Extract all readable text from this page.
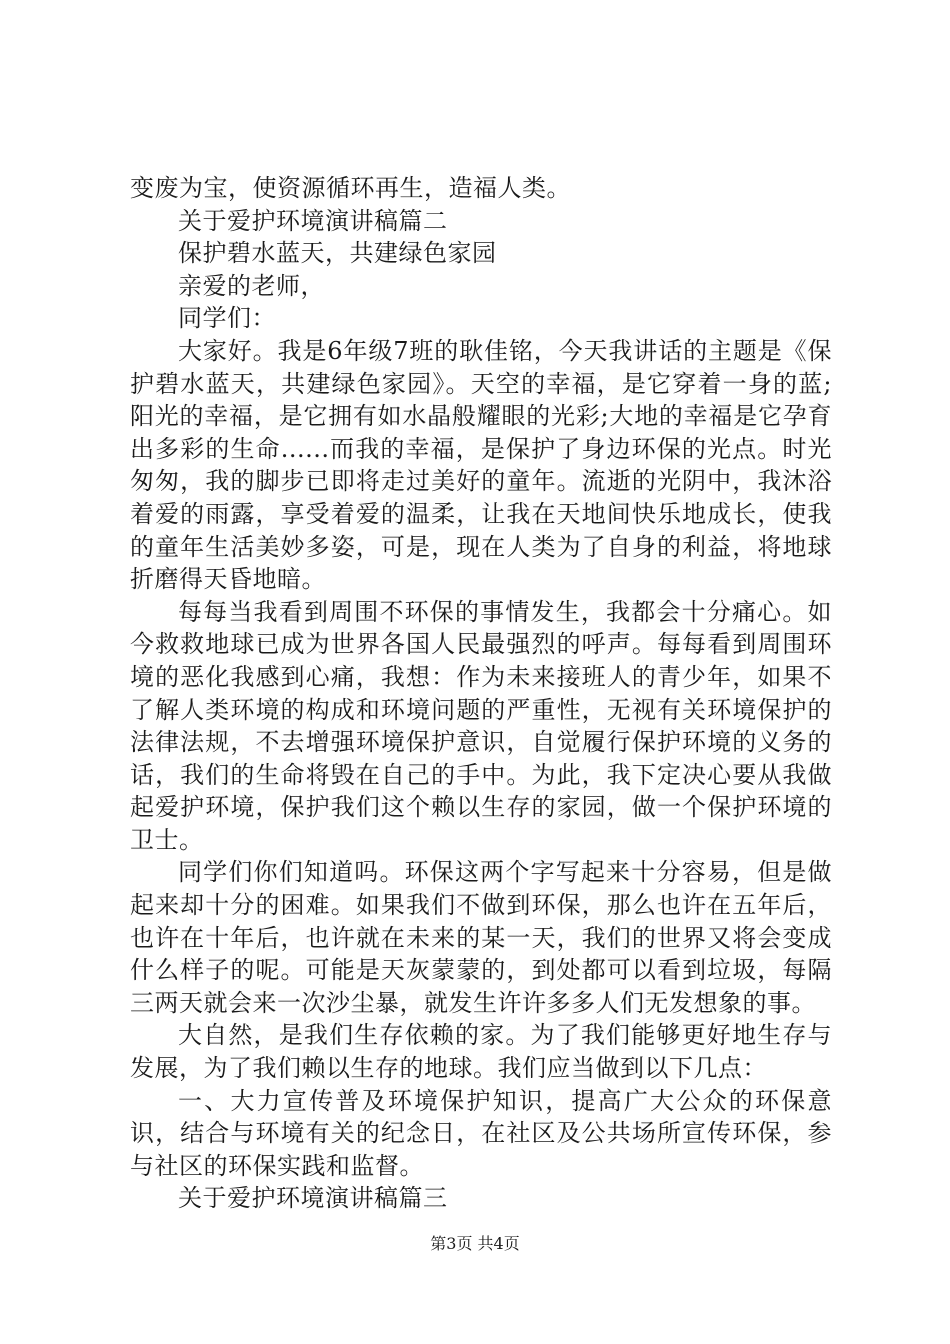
变废为宝，使资源循环再生，造福人类。

关于爱护环境演讲稿篇二

保护碧水蓝天，共建绿色家园

亲爱的老师，

同学们：

大家好。我是6年级7班的耿佳铭，今天我讲话的主题是《保护碧水蓝天，共建绿色家园》。天空的幸福，是它穿着一身的蓝;阳光的幸福，是它拥有如水晶般耀眼的光彩;大地的幸福是它孕育出多彩的生命......而我的幸福，是保护了身边环保的光点。时光匆匆，我的脚步已即将走过美好的童年。流逝的光阴中，我沐浴着爱的雨露，享受着爱的温柔，让我在天地间快乐地成长，使我的童年生活美妙多姿，可是，现在人类为了自身的利益，将地球折磨得天昏地暗。

每每当我看到周围不环保的事情发生，我都会十分痛心。如今救救地球已成为世界各国人民最强烈的呼声。每每看到周围环境的恶化我感到心痛，我想：作为未来接班人的青少年，如果不了解人类环境的构成和环境问题的严重性，无视有关环境保护的法律法规，不去增强环境保护意识，自觉履行保护环境的义务的话，我们的生命将毁在自己的手中。为此，我下定决心要从我做起爱护环境，保护我们这个赖以生存的家园，做一个保护环境的卫士。

同学们你们知道吗。环保这两个字写起来十分容易，但是做起来却十分的困难。如果我们不做到环保，那么也许在五年后，也许在十年后，也许就在未来的某一天，我们的世界又将会变成什么样子的呢。可能是天灰蒙蒙的，到处都可以看到垃圾，每隔三两天就会来一次沙尘暴，就发生许许多多人们无发想象的事。

大自然，是我们生存依赖的家。为了我们能够更好地生存与发展，为了我们赖以生存的地球。我们应当做到以下几点：

一、大力宣传普及环境保护知识，提高广大公众的环保意识，结合与环境有关的纪念日，在社区及公共场所宣传环保，参与社区的环保实践和监督。

关于爱护环境演讲稿篇三

第3页 共4页
